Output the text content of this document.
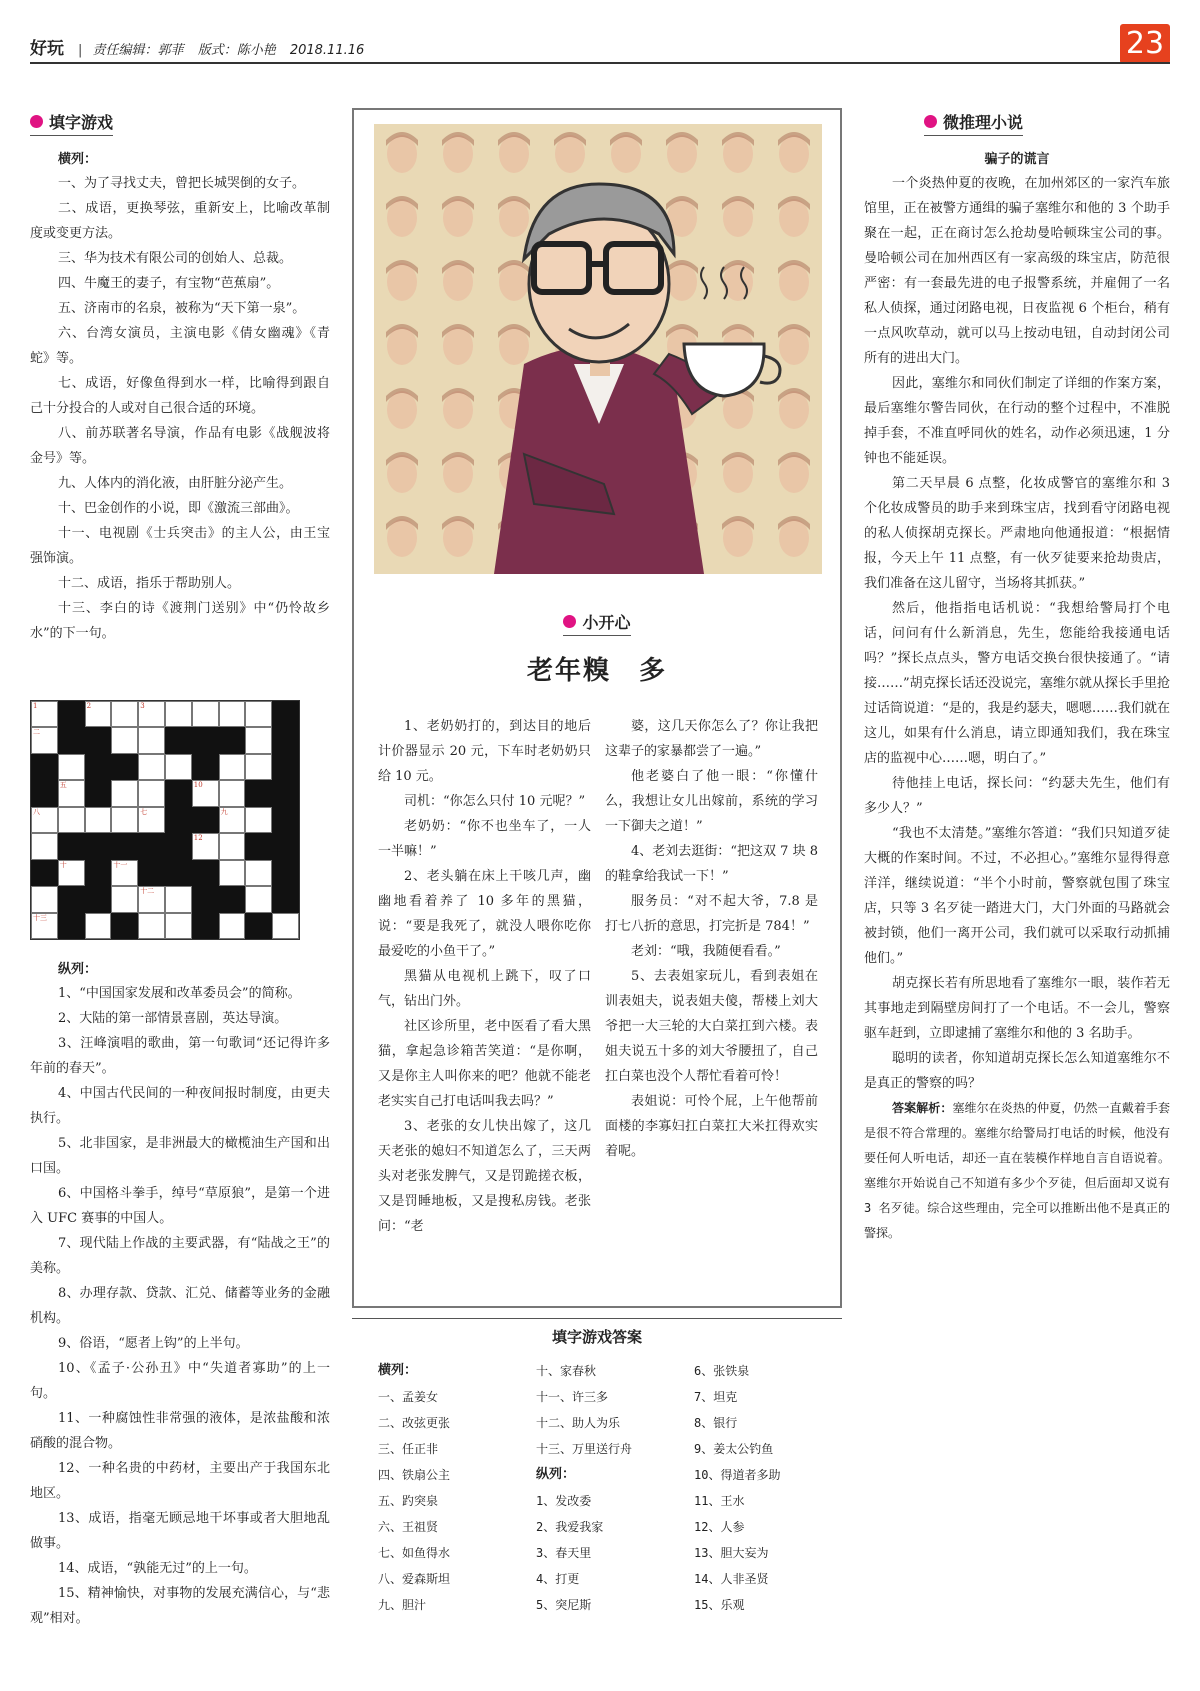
好玩 | 责任编辑：郭菲 版式：陈小艳 2018.11.16	23
填字游戏
横列：

一、为了寻找丈夫，曾把长城哭倒的女子。

二、成语，更换琴弦，重新安上，比喻改革制度或变更方法。

三、华为技术有限公司的创始人、总裁。

四、牛魔王的妻子，有宝物“芭蕉扇”。

五、济南市的名泉，被称为“天下第一泉”。

六、台湾女演员，主演电影《倩女幽魂》《青蛇》等。

七、成语，好像鱼得到水一样，比喻得到跟自己十分投合的人或对自己很合适的环境。

八、前苏联著名导演，作品有电影《战舰波将金号》等。

九、人体内的消化液，由肝脏分泌产生。

十、巴金创作的小说，即《激流三部曲》。

十一、电视剧《士兵突击》的主人公，由王宝强饰演。

十二、成语，指乐于帮助别人。

十三、李白的诗《渡荆门送别》中“仍怜故乡水”的下一句。

1	2	3
二
五	10
八	七	九
12
十	十一
十二
十三
纵列：

1、“中国国家发展和改革委员会”的简称。

2、大陆的第一部情景喜剧，英达导演。

3、汪峰演唱的歌曲，第一句歌词“还记得许多年前的春天”。

4、中国古代民间的一种夜间报时制度，由更夫执行。

5、北非国家，是非洲最大的橄榄油生产国和出口国。

6、中国格斗拳手，绰号“草原狼”，是第一个进入 UFC 赛事的中国人。

7、现代陆上作战的主要武器，有“陆战之王”的美称。

8、办理存款、贷款、汇兑、储蓄等业务的金融机构。

9、俗语，“愿者上钩”的上半句。

10、《孟子·公孙丑》中“失道者寡助”的上一句。

11、一种腐蚀性非常强的液体，是浓盐酸和浓硝酸的混合物。

12、一种名贵的中药材，主要出产于我国东北地区。

13、成语，指毫无顾忌地干坏事或者大胆地乱做事。

14、成语，“孰能无过”的上一句。

15、精神愉快，对事物的发展充满信心，与“悲观”相对。

小开心
老年糗　多

1、老奶奶打的，到达目的地后计价器显示 20 元，下车时老奶奶只给 10 元。

司机：“你怎么只付 10 元呢？”

老奶奶：“你不也坐车了，一人一半嘛！”

2、老头躺在床上干咳几声，幽幽地看着养了 10 多年的黑猫，说：“要是我死了，就没人喂你吃你最爱吃的小鱼干了。”

黑猫从电视机上跳下，叹了口气，钻出门外。

社区诊所里，老中医看了看大黑猫，拿起急诊箱苦笑道：“是你啊，又是你主人叫你来的吧？他就不能老老实实自己打电话叫我去吗？”

3、老张的女儿快出嫁了，这几天老张的媳妇不知道怎么了，三天两头对老张发脾气，又是罚跪搓衣板，又是罚睡地板，又是搜私房钱。老张问：“老

婆，这几天你怎么了？你让我把这辈子的家暴都尝了一遍。”

他老婆白了他一眼：“你懂什么，我想让女儿出嫁前，系统的学习一下御夫之道！”

4、老刘去逛街：“把这双 7 块 8 的鞋拿给我试一下！”

服务员：“对不起大爷，7.8 是打七八折的意思，打完折是 784！”

老刘：“哦，我随便看看。”

5、去表姐家玩儿，看到表姐在训表姐夫，说表姐夫傻，帮楼上刘大爷把一大三轮的大白菜扛到六楼。表姐夫说五十多的刘大爷腰扭了，自己扛白菜也没个人帮忙看着可怜！

表姐说：可怜个屁，上午他帮前面楼的李寡妇扛白菜扛大米扛得欢实着呢。

填字游戏答案
横列：
一、孟姜女
二、改弦更张
三、任正非
四、铁扇公主
五、趵突泉
六、王祖贤
七、如鱼得水
八、爱森斯坦
九、胆汁
十、家春秋
十一、许三多
十二、助人为乐
十三、万里送行舟
纵列：
1、发改委
2、我爱我家
3、春天里
4、打更
5、突尼斯
6、张铁泉
7、坦克
8、银行
9、姜太公钓鱼
10、得道者多助
11、王水
12、人参
13、胆大妄为
14、人非圣贤
15、乐观
微推理小说
骗子的谎言

一个炎热仲夏的夜晚，在加州郊区的一家汽车旅馆里，正在被警方通缉的骗子塞维尔和他的 3 个助手聚在一起，正在商讨怎么抢劫曼哈顿珠宝公司的事。曼哈顿公司在加州西区有一家高级的珠宝店，防范很严密：有一套最先进的电子报警系统，并雇佣了一名私人侦探，通过闭路电视，日夜监视 6 个柜台，稍有一点风吹草动，就可以马上按动电钮，自动封闭公司所有的进出大门。

因此，塞维尔和同伙们制定了详细的作案方案，最后塞维尔警告同伙，在行动的整个过程中，不准脱掉手套，不准直呼同伙的姓名，动作必须迅速，1 分钟也不能延误。

第二天早晨 6 点整，化妆成警官的塞维尔和 3 个化妆成警员的助手来到珠宝店，找到看守闭路电视的私人侦探胡克探长。严肃地向他通报道：“根据情报，今天上午 11 点整，有一伙歹徒要来抢劫贵店，我们准备在这儿留守，当场将其抓获。”

然后，他指指电话机说：“我想给警局打个电话，问问有什么新消息，先生，您能给我接通电话吗？”探长点点头，警方电话交换台很快接通了。“请接……”胡克探长话还没说完，塞维尔就从探长手里抢过话筒说道：“是的，我是约瑟夫，嗯嗯……我们就在这儿，如果有什么消息，请立即通知我们，我在珠宝店的监视中心……嗯，明白了。”

待他挂上电话，探长问：“约瑟夫先生，他们有多少人？”

“我也不太清楚。”塞维尔答道：“我们只知道歹徒大概的作案时间。不过，不必担心。”塞维尔显得得意洋洋，继续说道：“半个小时前，警察就包围了珠宝店，只等 3 名歹徒一踏进大门，大门外面的马路就会被封锁，他们一离开公司，我们就可以采取行动抓捕他们。”

胡克探长若有所思地看了塞维尔一眼，装作若无其事地走到隔壁房间打了一个电话。不一会儿，警察驱车赶到，立即逮捕了塞维尔和他的 3 名助手。

聪明的读者，你知道胡克探长怎么知道塞维尔不是真正的警察的吗？

答案解析：塞维尔在炎热的仲夏，仍然一直戴着手套是很不符合常理的。塞维尔给警局打电话的时候，他没有要任何人听电话，却还一直在装模作样地自言自语说着。塞维尔开始说自己不知道有多少个歹徒，但后面却又说有 3 名歹徒。综合这些理由，完全可以推断出他不是真正的警探。
